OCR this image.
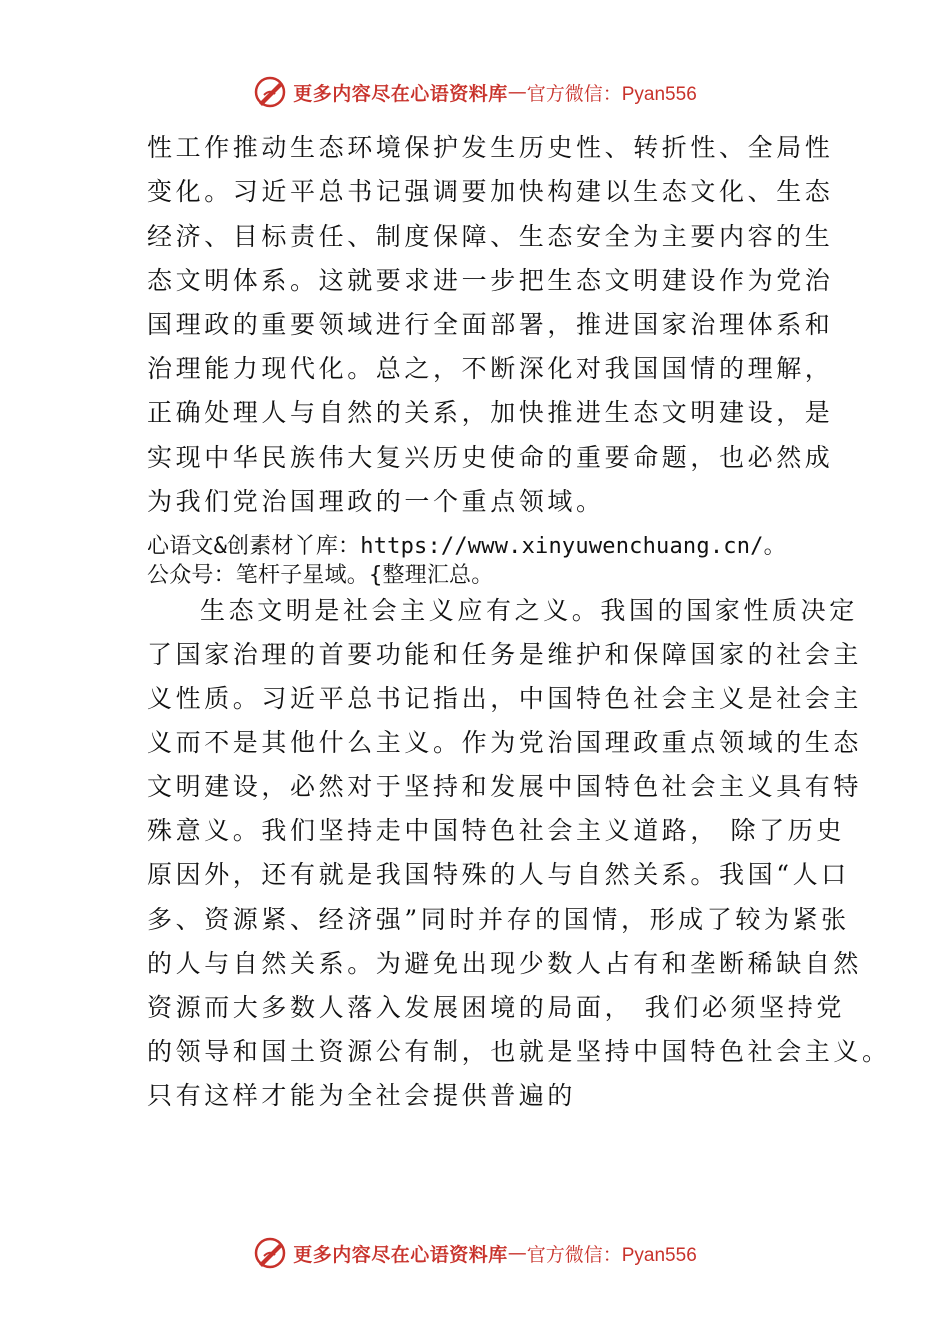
更多内容尽在心语资料库 — 官方微信：Pyan556
性工作推动生态环境保护发生历史性、转折性、全局性
变化。习近平总书记强调要加快构建以生态文化、生态
经济、目标责任、制度保障、生态安全为主要内容的生
态文明体系。这就要求进一步把生态文明建设作为党治
国理政的重要领域进行全面部署，推进国家治理体系和
治理能力现代化。总之，不断深化对我国国情的理解，
正确处理人与自然的关系，加快推进生态文明建设，是
实现中华民族伟大复兴历史使命的重要命题，也必然成
为我们党治国理政的一个重点领域。
心语文&创素材丫库：https://www.xinyuwenchuang.cn/。
公众号：笔杆子星域。{整理汇总。
生态文明是社会主义应有之义。我国的国家性质决定
了国家治理的首要功能和任务是维护和保障国家的社会主
义性质。习近平总书记指出，中国特色社会主义是社会主
义而不是其他什么主义。作为党治国理政重点领域的生态
文明建设，必然对于坚持和发展中国特色社会主义具有特
殊意义。我们坚持走中国特色社会主义道路， 除了历史
原因外，还有就是我国特殊的人与自然关系。我国“人口
多、资源紧、经济强”同时并存的国情，形成了较为紧张
的人与自然关系。为避免出现少数人占有和垄断稀缺自然
资源而大多数人落入发展困境的局面， 我们必须坚持党
的领导和国土资源公有制，也就是坚持中国特色社会主义。
只有这样才能为全社会提供普遍的
更多内容尽在心语资料库 — 官方微信：Pyan556
